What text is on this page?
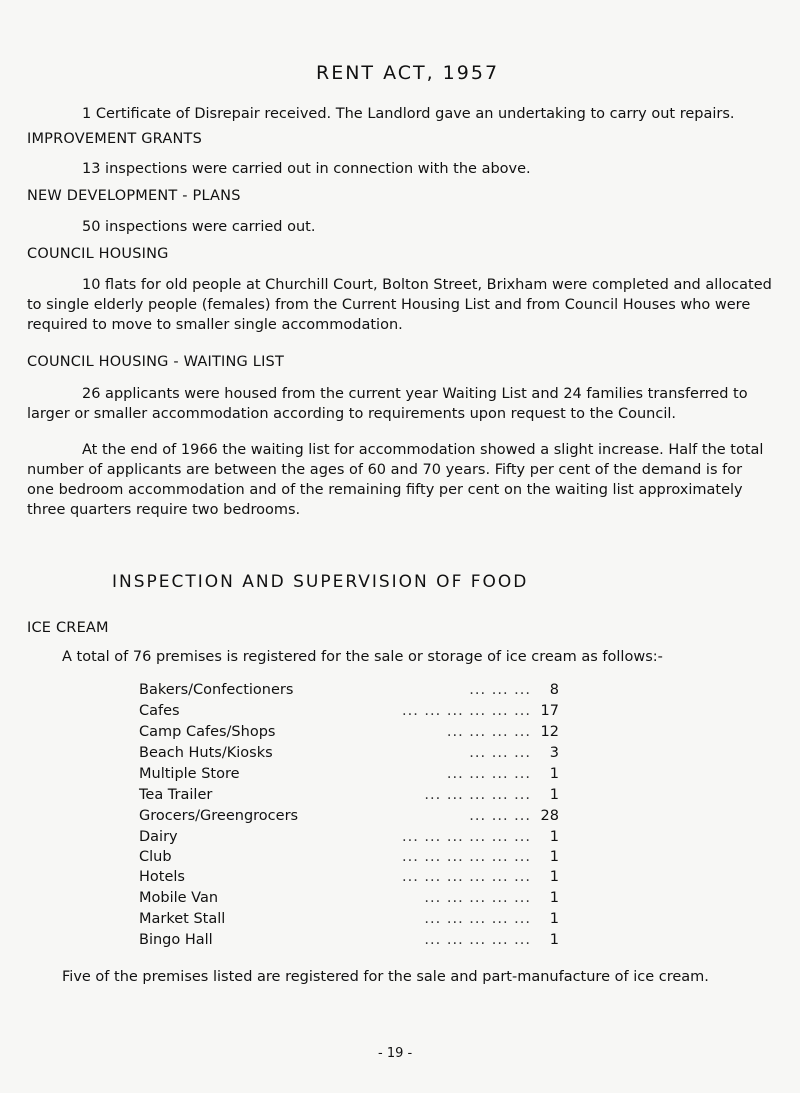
RENT ACT, 1957
1 Certificate of Disrepair received. The Landlord gave an undertaking to carry out repairs.
IMPROVEMENT GRANTS
13 inspections were carried out in connection with the above.
NEW DEVELOPMENT - PLANS
50 inspections were carried out.
COUNCIL HOUSING
10 flats for old people at Churchill Court, Bolton Street, Brixham were completed and allocated to single elderly people (females) from the Current Housing List and from Council Houses who were required to move to smaller single accommodation.
COUNCIL HOUSING - WAITING LIST
26 applicants were housed from the current year Waiting List and 24 families transferred to larger or smaller accommodation according to requirements upon request to the Council.
At the end of 1966 the waiting list for accommodation showed a slight increase. Half the total number of applicants are between the ages of 60 and 70 years. Fifty per cent of the demand is for one bedroom accommodation and of the remaining fifty per cent on the waiting list approximately three quarters require two bedrooms.
INSPECTION AND SUPERVISION OF FOOD
ICE CREAM
A total of 76 premises is registered for the sale or storage of ice cream as follows:-
Bakers/Confectioners	... ... ...	8
Cafes	... ... ... ... ... ... 17
Camp Cafes/Shops	... ... ... ... 12
Beach Huts/Kiosks	... ... ...	3
Multiple Store	... ... ... ...	1
Tea Trailer	... ... ... ... ...	1
Grocers/Greengrocers	... ... ... 28
Dairy	... ... ... ... ... ...	1
Club	... ... ... ... ... ...	1
Hotels	... ... ... ... ... ...	1
Mobile Van	... ... ... ... ...	1
Market Stall	... ... ... ... ...	1
Bingo Hall	... ... ... ... ...	1
Five of the premises listed are registered for the sale and part-manufacture of ice cream.
- 19 -
